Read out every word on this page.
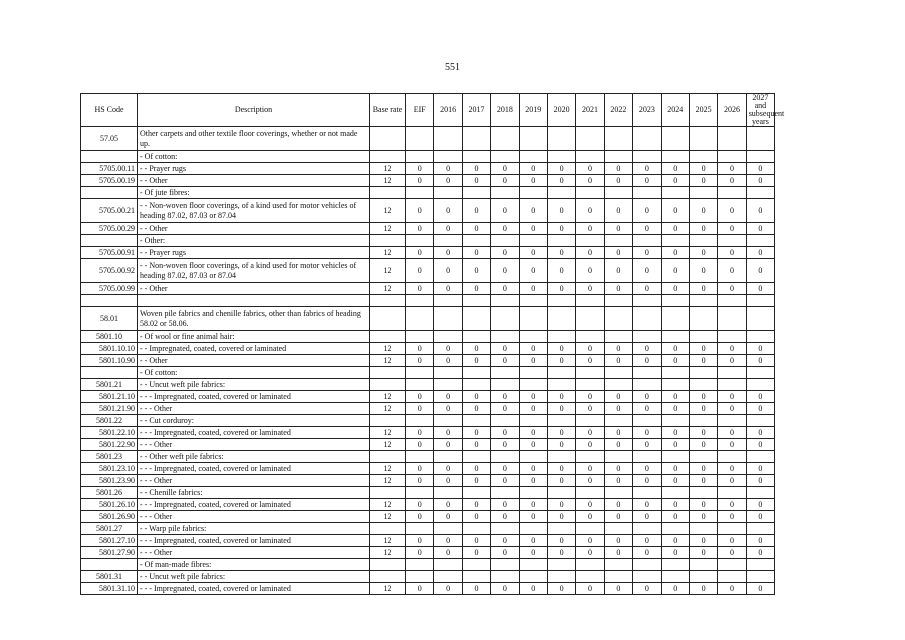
551
HS Code	Description	Base rate	EIF	2016	2017	2018	2019	2020	2021	2022	2023	2024	2025	2026	2027 and subsequent years
57.05	Other carpets and other textile floor coverings, whether or not made up.														
	- Of cotton:														
5705.00.11	- - Prayer rugs	12	0	0	0	0	0	0	0	0	0	0	0	0	0
5705.00.19	- - Other	12	0	0	0	0	0	0	0	0	0	0	0	0	0
	- Of jute fibres:														
5705.00.21	- - Non-woven floor coverings, of a kind used for motor vehicles of heading 87.02, 87.03 or 87.04	12	0	0	0	0	0	0	0	0	0	0	0	0	0
5705.00.29	- - Other	12	0	0	0	0	0	0	0	0	0	0	0	0	0
	- Other:														
5705.00.91	- - Prayer rugs	12	0	0	0	0	0	0	0	0	0	0	0	0	0
5705.00.92	- - Non-woven floor coverings, of a kind used for motor vehicles of heading 87.02, 87.03 or 87.04	12	0	0	0	0	0	0	0	0	0	0	0	0	0
5705.00.99	- - Other	12	0	0	0	0	0	0	0	0	0	0	0	0	0

58.01	Woven pile fabrics and chenille fabrics, other than fabrics of heading 58.02 or 58.06.														
5801.10	- Of wool or fine animal hair:														
5801.10.10	- - Impregnated, coated, covered or laminated	12	0	0	0	0	0	0	0	0	0	0	0	0	0
5801.10.90	- - Other	12	0	0	0	0	0	0	0	0	0	0	0	0	0
	- Of cotton:														
5801.21	- - Uncut weft pile fabrics:														
5801.21.10	- - - Impregnated, coated, covered or laminated	12	0	0	0	0	0	0	0	0	0	0	0	0	0
5801.21.90	- - - Other	12	0	0	0	0	0	0	0	0	0	0	0	0	0
5801.22	- - Cut corduroy:														
5801.22.10	- - - Impregnated, coated, covered or laminated	12	0	0	0	0	0	0	0	0	0	0	0	0	0
5801.22.90	- - - Other	12	0	0	0	0	0	0	0	0	0	0	0	0	0
5801.23	- - Other weft pile fabrics:														
5801.23.10	- - - Impregnated, coated, covered or laminated	12	0	0	0	0	0	0	0	0	0	0	0	0	0
5801.23.90	- - - Other	12	0	0	0	0	0	0	0	0	0	0	0	0	0
5801.26	- - Chenille fabrics:														
5801.26.10	- - - Impregnated, coated, covered or laminated	12	0	0	0	0	0	0	0	0	0	0	0	0	0
5801.26.90	- - - Other	12	0	0	0	0	0	0	0	0	0	0	0	0	0
5801.27	- - Warp pile fabrics:														
5801.27.10	- - - Impregnated, coated, covered or laminated	12	0	0	0	0	0	0	0	0	0	0	0	0	0
5801.27.90	- - - Other	12	0	0	0	0	0	0	0	0	0	0	0	0	0
	- Of man-made fibres:														
5801.31	- - Uncut weft pile fabrics:														
5801.31.10	- - - Impregnated, coated, covered or laminated	12	0	0	0	0	0	0	0	0	0	0	0	0	0
